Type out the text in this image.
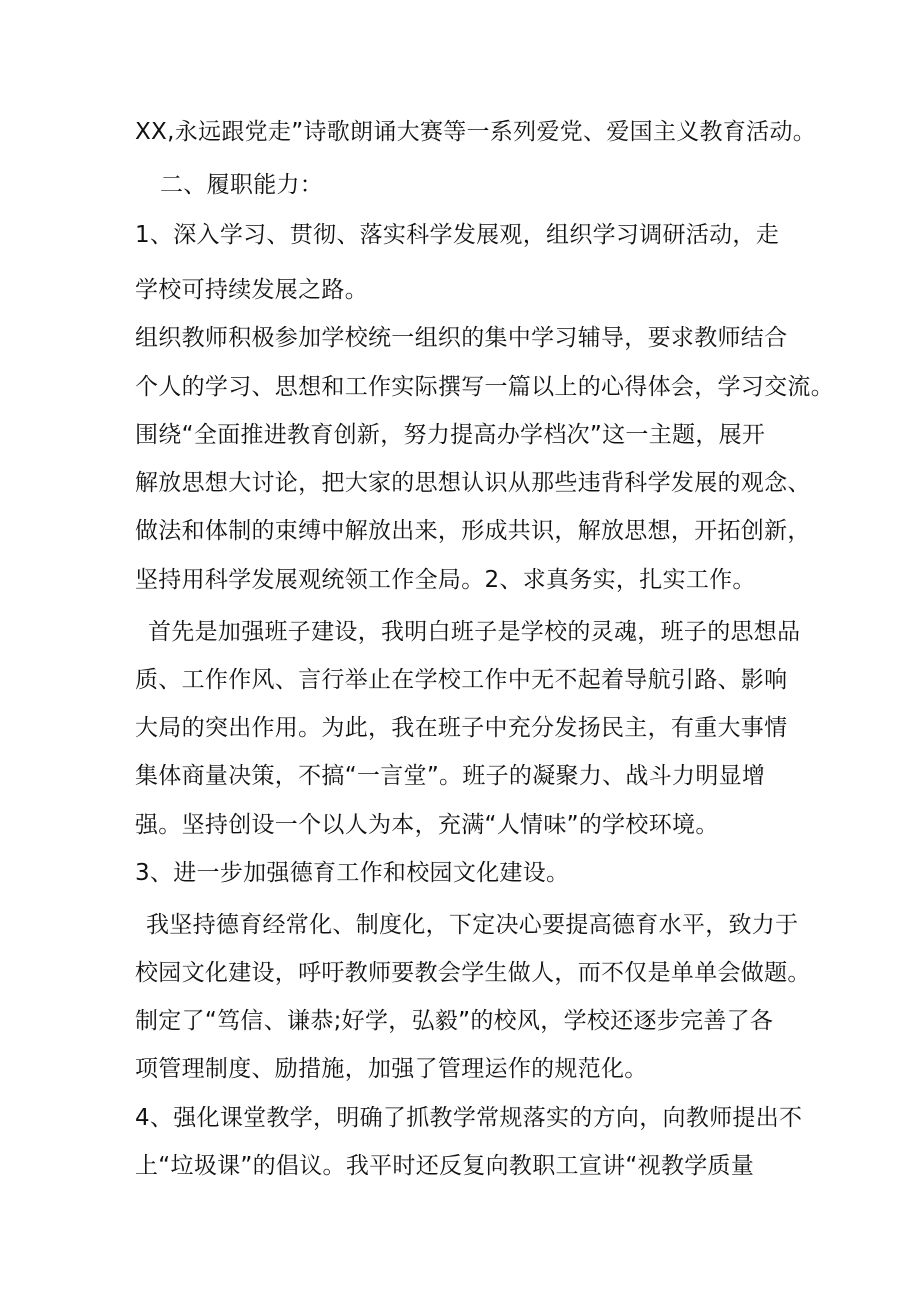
XX,永远跟党走”诗歌朗诵大赛等一系列爱党、爱国主义教育活动。
二、履职能力：
1、深入学习、贯彻、落实科学发展观，组织学习调研活动，走
学校可持续发展之路。
组织教师积极参加学校统一组织的集中学习辅导，要求教师结合
个人的学习、思想和工作实际撰写一篇以上的心得体会，学习交流。
围绕“全面推进教育创新，努力提高办学档次”这一主题，展开
解放思想大讨论，把大家的思想认识从那些违背科学发展的观念、
做法和体制的束缚中解放出来，形成共识，解放思想，开拓创新，
坚持用科学发展观统领工作全局。2、求真务实，扎实工作。
首先是加强班子建设，我明白班子是学校的灵魂，班子的思想品
质、工作作风、言行举止在学校工作中无不起着导航引路、影响
大局的突出作用。为此，我在班子中充分发扬民主，有重大事情
集体商量决策，不搞“一言堂”。班子的凝聚力、战斗力明显增
强。坚持创设一个以人为本，充满“人情味”的学校环境。
3、进一步加强德育工作和校园文化建设。
我坚持德育经常化、制度化，下定决心要提高德育水平，致力于
校园文化建设，呼吁教师要教会学生做人，而不仅是单单会做题。
制定了“笃信、谦恭;好学，弘毅”的校风，学校还逐步完善了各
项管理制度、励措施，加强了管理运作的规范化。
4、强化课堂教学，明确了抓教学常规落实的方向，向教师提出不
上“垃圾课”的倡议。我平时还反复向教职工宣讲“视教学质量
